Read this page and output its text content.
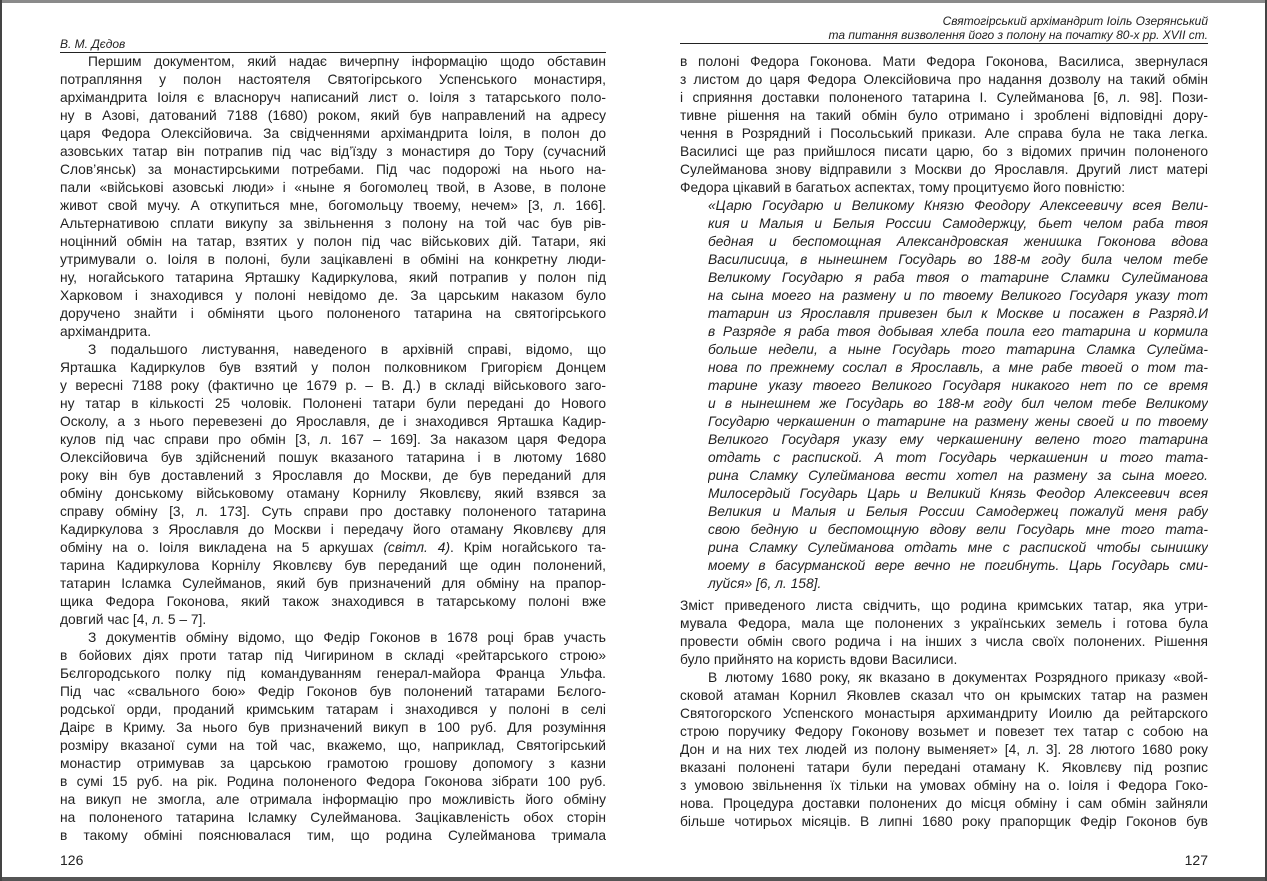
В. М. Дєдов
Першим документом, який надає вичерпну інформацію щодо обставин
потрапляння у полон настоятеля Святогірського Успенського монастиря,
архімандрита Іоіля є власноруч написаний лист о. Іоіля з татарського поло-
ну в Азові, датований 7188 (1680) роком, який був направлений на адресу
царя Федора Олексійовича. За свідченнями архімандрита Іоіля, в полон до
азовських татар він потрапив під час від’їзду з монастиря до Тору (сучасний
Слов’янськ) за монастирськими потребами. Під час подорожі на нього на-
пали «військові азовські люди» і «ныне я богомолец твой, в Азове, в полоне
живот свой мучу. А откупиться мне, богомольцу твоему, нечем» [3, л. 166].
Альтернативою сплати викупу за звільнення з полону на той час був рів-
ноцінний обмін на татар, взятих у полон під час військових дій. Татари, які
утримували о. Іоіля в полоні, були зацікавлені в обміні на конкретну люди-
ну, ногайського татарина Ярташку Кадиркулова, який потрапив у полон під
Харковом і знаходився у полоні невідомо де. За царським наказом було
доручено знайти і обміняти цього полоненого татарина на святогірського
архімандрита.
З подальшого листування, наведеного в архівній справі, відомо, що
Ярташка Кадиркулов був взятий у полон полковником Григорієм Донцем
у вересні 7188 року (фактично це 1679 р. – В. Д.) в складі військового заго-
ну татар в кількості 25 чоловік. Полонені татари були передані до Нового
Осколу, а з нього перевезені до Ярославля, де і знаходився Ярташка Кадир-
кулов під час справи про обмін [3, л. 167 – 169]. За наказом царя Федора
Олексійовича був здійснений пошук вказаного татарина і в лютому 1680
року він був доставлений з Ярославля до Москви, де був переданий для
обміну донському військовому отаману Корнилу Яковлєву, який взявся за
справу обміну [3, л. 173]. Суть справи про доставку полоненого татарина
Кадиркулова з Ярославля до Москви і передачу його отаману Яковлєву для
обміну на о. Іоіля викладена на 5 аркушах (світл. 4). Крім ногайського та-
тарина Кадиркулова Корнілу Яковлєву був переданий ще один полонений,
татарин Ісламка Сулейманов, який був призначений для обміну на прапор-
щика Федора Гоконова, який також знаходився в татарському полоні вже
довгий час [4, л. 5 – 7].
З документів обміну відомо, що Федір Гоконов в 1678 році брав участь
в бойових діях проти татар під Чигирином в складі «рейтарського строю»
Бєлгородського полку під командуванням генерал-майора Франца Ульфа.
Під час «свального бою» Федір Гоконов був полонений татарами Бєлого-
родської орди, проданий кримським татарам і знаходився у полоні в селі
Даірє в Криму. За нього був призначений викуп в 100 руб. Для розуміння
розміру вказаної суми на той час, вкажемо, що, наприклад, Святогірський
монастир отримував за царською грамотою грошову допомогу з казни
в сумі 15 руб. на рік. Родина полоненого Федора Гоконова зібрати 100 руб.
на викуп не змогла, але отримала інформацію про можливість його обміну
на полоненого татарина Ісламку Сулейманова. Зацікавленість обох сторін
в такому обміні пояснювалася тим, що родина Сулейманова тримала
126
Святогірський архімандрит Іоіль Озерянський
та питання визволення його з полону на початку 80-х рр. XVII ст.
в полоні Федора Гоконова. Мати Федора Гоконова, Василиса, звернулася
з листом до царя Федора Олексійовича про надання дозволу на такий обмін
і сприяння доставки полоненого татарина І. Сулейманова [6, л. 98]. Пози-
тивне рішення на такий обмін було отримано і зроблені відповідні дору-
чення в Розрядний і Посольський прикази. Але справа була не така легка.
Василисі ще раз прийшлося писати царю, бо з відомих причин полоненого
Сулейманова знову відправили з Москви до Ярославля. Другий лист матері
Федора цікавий в багатьох аспектах, тому процитуємо його повністю:
«Царю Государю и Великому Князю Феодору Алексеевичу всея Вели-
кия и Малыя и Белыя России Самодержцу, бьет челом раба твоя
бедная и беспомощная Александровская женишка Гоконова вдова
Василисица, в нынешнем Государь во 188-м году била челом тебе
Великому Государю я раба твоя о татарине Сламки Сулейманова
на сына моего на размену и по твоему Великого Государя указу тот
татарин из Ярославля привезен был к Москве и посажен в Разряд.И
в Разряде я раба твоя добывая хлеба поила его татарина и кормила
больше недели, а ныне Государь того татарина Сламка Сулейма-
нова по прежнему сослал в Ярославль, а мне рабе твоей о том та-
тарине указу твоего Великого Государя никакого нет по се время
и в нынешнем же Государь во 188-м году бил челом тебе Великому
Государю черкашенин о татарине на размену жены своей и по твоему
Великого Государя указу ему черкашенину велено того татарина
отдать с распиской. А тот Государь черкашенин и того тата-
рина Сламку Сулейманова вести хотел на размену за сына моего.
Милосердый Государь Царь и Великий Князь Феодор Алексеевич всея
Великия и Малыя и Белыя России Самодержец пожалуй меня рабу
свою бедную и беспомощную вдову вели Государь мне того тата-
рина Сламку Сулейманова отдать мне с распиской чтобы сынишку
моему в басурманской вере вечно не погибнуть. Царь Государь сми-
луйся» [6, л. 158].
Зміст приведеного листа свідчить, що родина кримських татар, яка утри-
мувала Федора, мала ще полонених з українських земель і готова була
провести обмін свого родича і на інших з числа своїх полонених. Рішення
було прийнято на користь вдови Василиси.
В лютому 1680 року, як вказано в документах Розрядного приказу «вой-
сковой атаман Корнил Яковлев сказал что он крымских татар на размен
Святогорского Успенского монастыря архимандриту Иоилю да рейтарского
строю поручику Федору Гоконову возьмет и повезет тех татар с собою на
Дон и на них тех людей из полону выменяет» [4, л. 3]. 28 лютого 1680 року
вказані полонені татари були передані отаману К. Яковлєву під розпис
з умовою звільнення їх тільки на умовах обміну на о. Іоіля і Федора Гоко-
нова. Процедура доставки полонених до місця обміну і сам обмін зайняли
більше чотирьох місяців. В липні 1680 року прапорщик Федір Гоконов був
127
